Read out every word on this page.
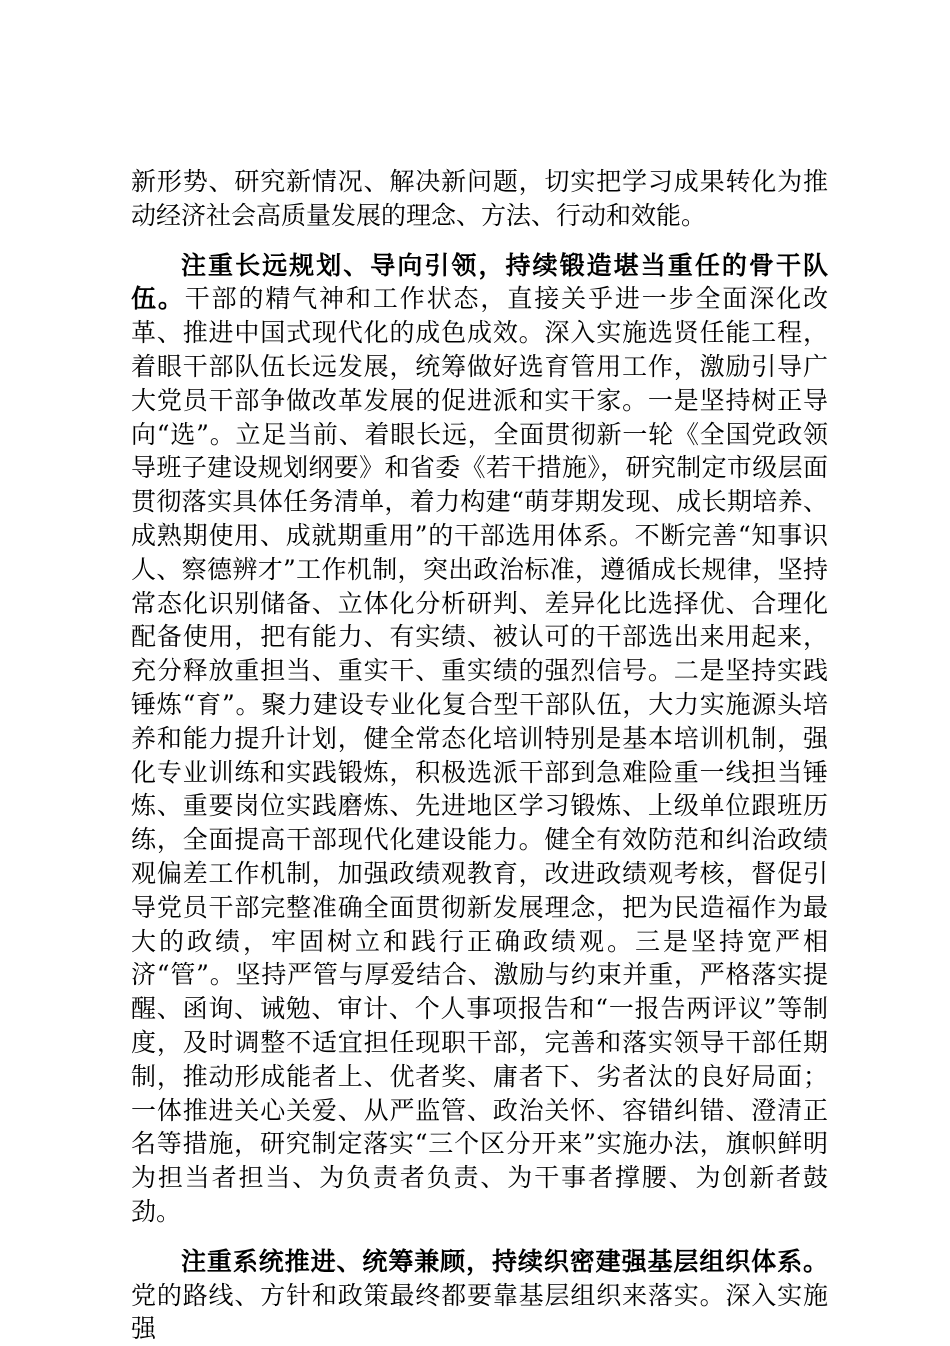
新形势、研究新情况、解决新问题，切实把学习成果转化为推动经济社会高质量发展的理念、方法、行动和效能。

注重长远规划、导向引领，持续锻造堪当重任的骨干队伍。干部的精气神和工作状态，直接关乎进一步全面深化改革、推进中国式现代化的成色成效。深入实施选贤任能工程，着眼干部队伍长远发展，统筹做好选育管用工作，激励引导广大党员干部争做改革发展的促进派和实干家。一是坚持树正导向“选”。立足当前、着眼长远，全面贯彻新一轮《全国党政领导班子建设规划纲要》和省委《若干措施》，研究制定市级层面贯彻落实具体任务清单，着力构建“萌芽期发现、成长期培养、成熟期使用、成就期重用”的干部选用体系。不断完善“知事识人、察德辨才”工作机制，突出政治标准，遵循成长规律，坚持常态化识别储备、立体化分析研判、差异化比选择优、合理化配备使用，把有能力、有实绩、被认可的干部选出来用起来，充分释放重担当、重实干、重实绩的强烈信号。二是坚持实践锤炼“育”。聚力建设专业化复合型干部队伍，大力实施源头培养和能力提升计划，健全常态化培训特别是基本培训机制，强化专业训练和实践锻炼，积极选派干部到急难险重一线担当锤炼、重要岗位实践磨炼、先进地区学习锻炼、上级单位跟班历练，全面提高干部现代化建设能力。健全有效防范和纠治政绩观偏差工作机制，加强政绩观教育，改进政绩观考核，督促引导党员干部完整准确全面贯彻新发展理念，把为民造福作为最大的政绩，牢固树立和践行正确政绩观。三是坚持宽严相济“管”。坚持严管与厚爱结合、激励与约束并重，严格落实提醒、函询、诫勉、审计、个人事项报告和“一报告两评议”等制度，及时调整不适宜担任现职干部，完善和落实领导干部任期制，推动形成能者上、优者奖、庸者下、劣者汰的良好局面；一体推进关心关爱、从严监管、政治关怀、容错纠错、澄清正名等措施，研究制定落实“三个区分开来”实施办法，旗帜鲜明为担当者担当、为负责者负责、为干事者撑腰、为创新者鼓劲。

注重系统推进、统筹兼顾，持续织密建强基层组织体系。党的路线、方针和政策最终都要靠基层组织来落实。深入实施强
